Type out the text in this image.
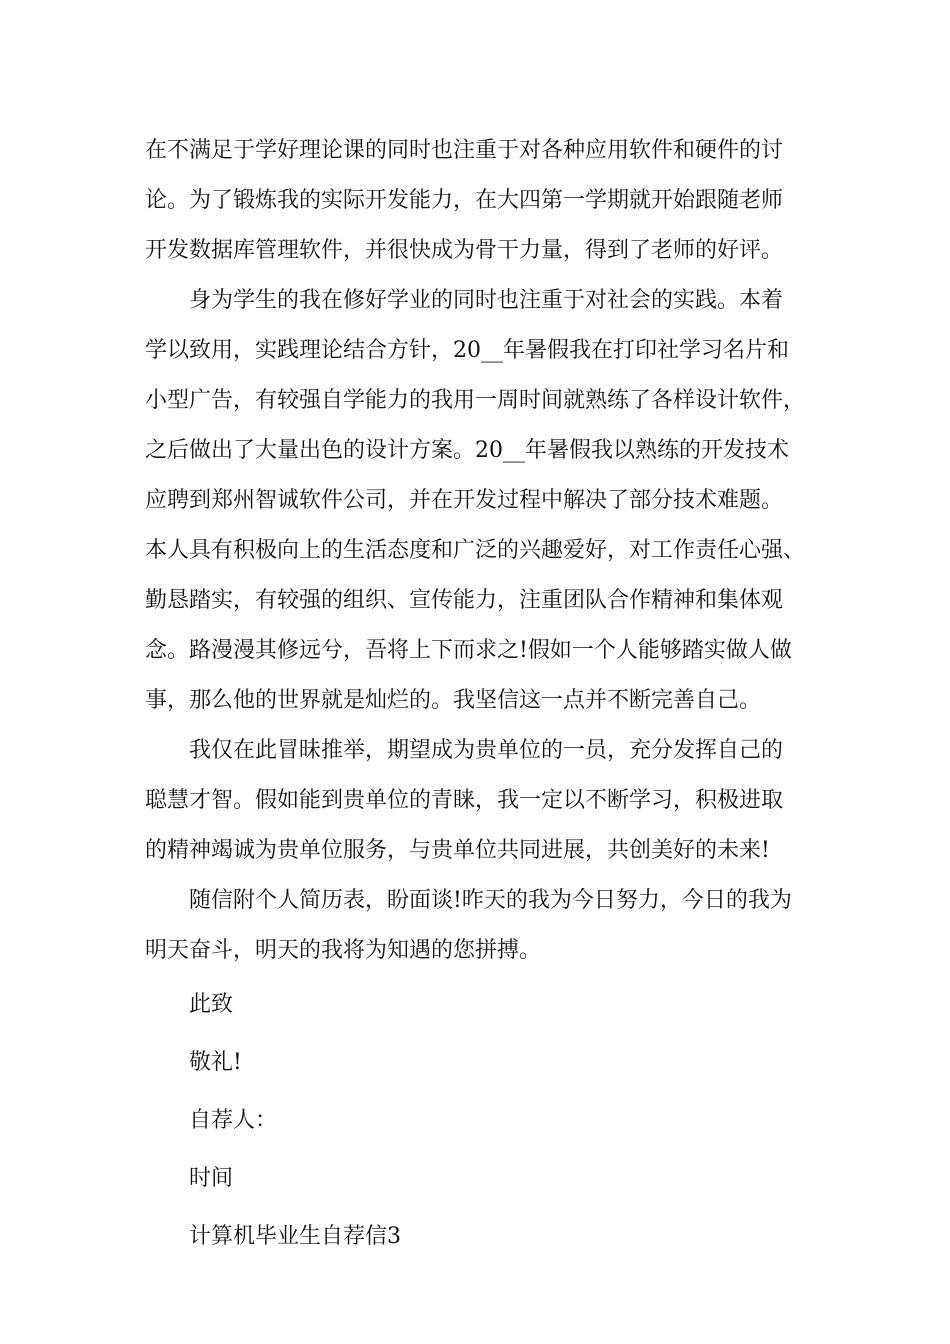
在不满足于学好理论课的同时也注重于对各种应用软件和硬件的讨
论。为了锻炼我的实际开发能力，在大四第一学期就开始跟随老师
开发数据库管理软件，并很快成为骨干力量，得到了老师的好评。
身为学生的我在修好学业的同时也注重于对社会的实践。本着
学以致用，实践理论结合方针，20__年暑假我在打印社学习名片和
小型广告，有较强自学能力的我用一周时间就熟练了各样设计软件，
之后做出了大量出色的设计方案。20__年暑假我以熟练的开发技术
应聘到郑州智诚软件公司，并在开发过程中解决了部分技术难题。
本人具有积极向上的生活态度和广泛的兴趣爱好，对工作责任心强、
勤恳踏实，有较强的组织、宣传能力，注重团队合作精神和集体观
念。路漫漫其修远兮，吾将上下而求之!假如一个人能够踏实做人做
事，那么他的世界就是灿烂的。我坚信这一点并不断完善自己。
我仅在此冒昧推举，期望成为贵单位的一员，充分发挥自己的
聪慧才智。假如能到贵单位的青睐，我一定以不断学习，积极进取
的精神竭诚为贵单位服务，与贵单位共同进展，共创美好的未来!
随信附个人简历表，盼面谈!昨天的我为今日努力，今日的我为
明天奋斗，明天的我将为知遇的您拼搏。
此致
敬礼!
自荐人：
时间
计算机毕业生自荐信3
